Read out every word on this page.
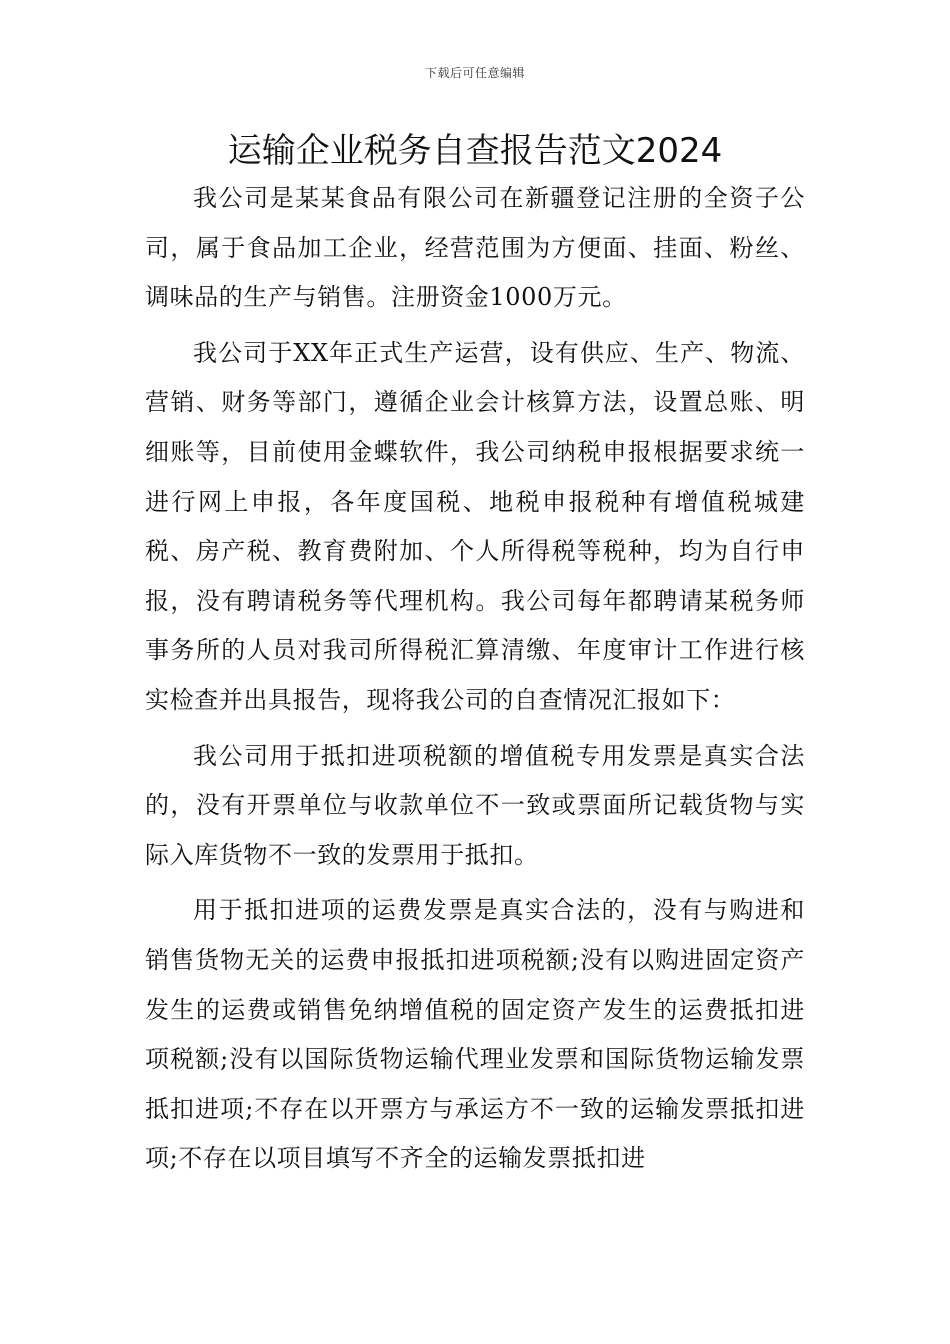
下载后可任意编辑
运输企业税务自查报告范文2024

我公司是某某食品有限公司在新疆登记注册的全资子公司，属于食品加工企业，经营范围为方便面、挂面、粉丝、调味品的生产与销售。注册资金1000万元。

我公司于XX年正式生产运营，设有供应、生产、物流、营销、财务等部门，遵循企业会计核算方法，设置总账、明细账等，目前使用金蝶软件，我公司纳税申报根据要求统一进行网上申报，各年度国税、地税申报税种有增值税城建税、房产税、教育费附加、个人所得税等税种，均为自行申报，没有聘请税务等代理机构。我公司每年都聘请某税务师事务所的人员对我司所得税汇算清缴、年度审计工作进行核实检查并出具报告，现将我公司的自查情况汇报如下：

我公司用于抵扣进项税额的增值税专用发票是真实合法的，没有开票单位与收款单位不一致或票面所记载货物与实际入库货物不一致的发票用于抵扣。

用于抵扣进项的运费发票是真实合法的，没有与购进和销售货物无关的运费申报抵扣进项税额;没有以购进固定资产发生的运费或销售免纳增值税的固定资产发生的运费抵扣进项税额;没有以国际货物运输代理业发票和国际货物运输发票抵扣进项;不存在以开票方与承运方不一致的运输发票抵扣进项;不存在以项目填写不齐全的运输发票抵扣进
